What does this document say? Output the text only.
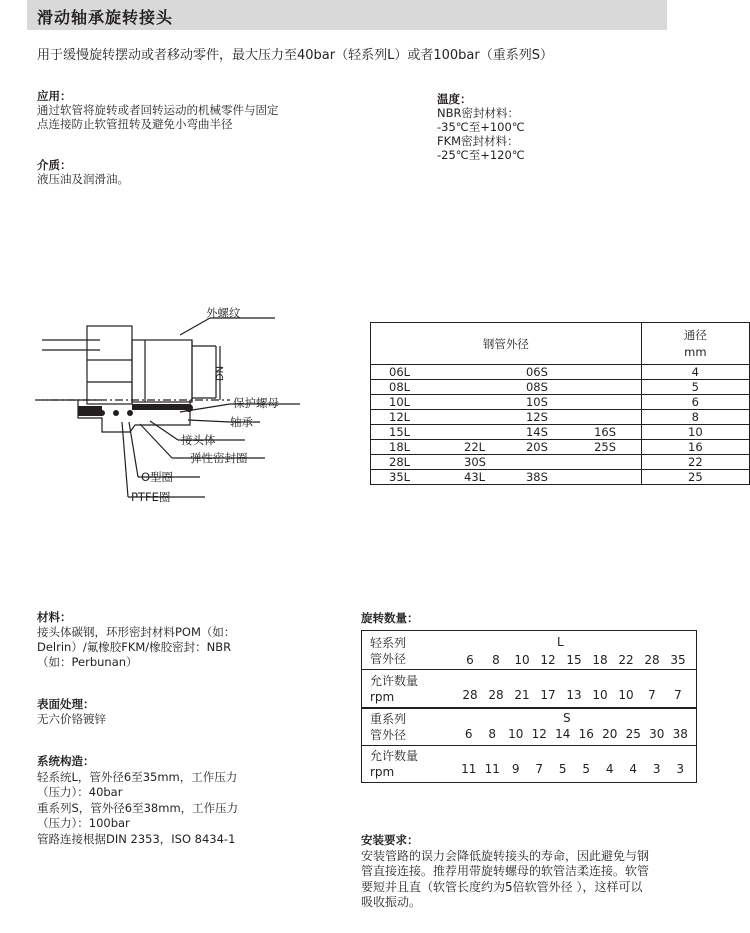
滑动轴承旋转接头
用于缓慢旋转摆动或者移动零件，最大压力至40bar（轻系列L）或者100bar（重系列S）
应用：
通过软管将旋转或者回转运动的机械零件与固定
点连接防止软管扭转及避免小弯曲半径
温度：
NBR密封材料：
-35℃至+100℃
FKM密封材料：
-25℃至+120℃
介质：
液压油及润滑油。
外螺纹
DN
保护螺母
轴承
接头体
弹性密封圈
O型圈
PTFE圈
钢管外径				通径
mm

06L		06S		4
08L		08S		5
10L		10S		6
12L		12S		8
15L		14S	16S	10
18L	22L	20S	25S	16
28L	30S			22
35L	43L	38S		25
材料：
接头体碳钢，环形密封材料POM（如：
Delrin）/氟橡胶FKM/橡胶密封：NBR
（如：Perbunan）
表面处理：
无六价铬镀锌
系统构造：
轻系统L，管外径6至35mm，工作压力
（压力）：40bar
重系列S，管外径6至38mm，工作压力
（压力）：100bar
管路连接根据DIN 2353，ISO 8434-1
旋转数量：
轻系列
管外径
L
6 8 10 12 15 18 22 28 35
允许数量
rpm	28 28 21 17 13 10 10 7 7
重系列
管外径
S
6 8 10 12 14 16 20 25 30 38
允许数量
rpm	11 11 9 7 5 5 4 4 3 3
安装要求：
安装管路的误力会降低旋转接头的寿命，因此避免与钢
管直接连接。推荐用带旋转螺母的软管洁柔连接。软管
要短并且直（软管长度约为5倍软管外径 ），这样可以
吸收振动。
